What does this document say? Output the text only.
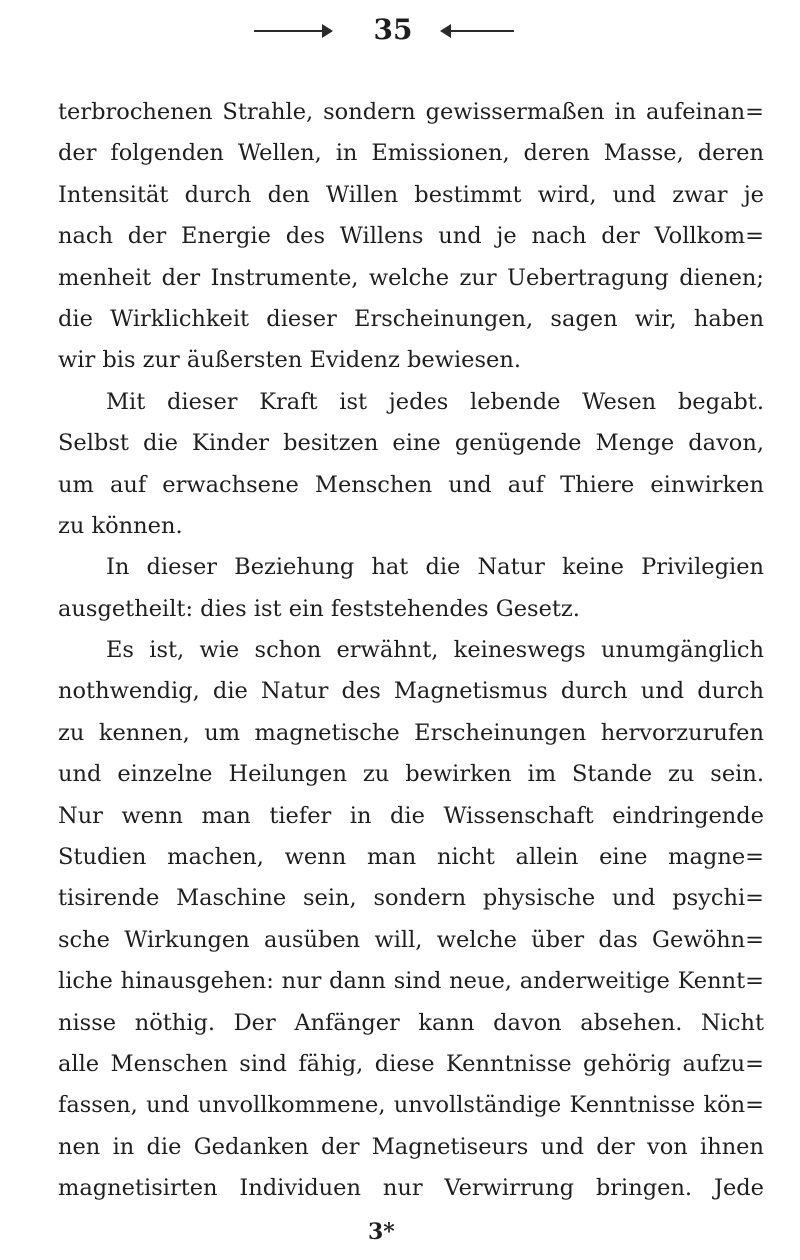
35
terbrochenen Strahle, sondern gewissermaßen in aufeinan=
der folgenden Wellen, in Emissionen, deren Masse, deren
Intensität durch den Willen bestimmt wird, und zwar je
nach der Energie des Willens und je nach der Vollkom=
menheit der Instrumente, welche zur Uebertragung dienen;
die Wirklichkeit dieser Erscheinungen, sagen wir, haben
wir bis zur äußersten Evidenz bewiesen.
Mit dieser Kraft ist jedes lebende Wesen begabt.
Selbst die Kinder besitzen eine genügende Menge davon,
um auf erwachsene Menschen und auf Thiere einwirken
zu können.
In dieser Beziehung hat die Natur keine Privilegien
ausgetheilt: dies ist ein feststehendes Gesetz.
Es ist, wie schon erwähnt, keineswegs unumgänglich
nothwendig, die Natur des Magnetismus durch und durch
zu kennen, um magnetische Erscheinungen hervorzurufen
und einzelne Heilungen zu bewirken im Stande zu sein.
Nur wenn man tiefer in die Wissenschaft eindringende
Studien machen, wenn man nicht allein eine magne=
tisirende Maschine sein, sondern physische und psychi=
sche Wirkungen ausüben will, welche über das Gewöhn=
liche hinausgehen: nur dann sind neue, anderweitige Kennt=
nisse nöthig. Der Anfänger kann davon absehen. Nicht
alle Menschen sind fähig, diese Kenntnisse gehörig aufzu=
fassen, und unvollkommene, unvollständige Kenntnisse kön=
nen in die Gedanken der Magnetiseurs und der von ihnen
magnetisirten Individuen nur Verwirrung bringen. Jede
3*
